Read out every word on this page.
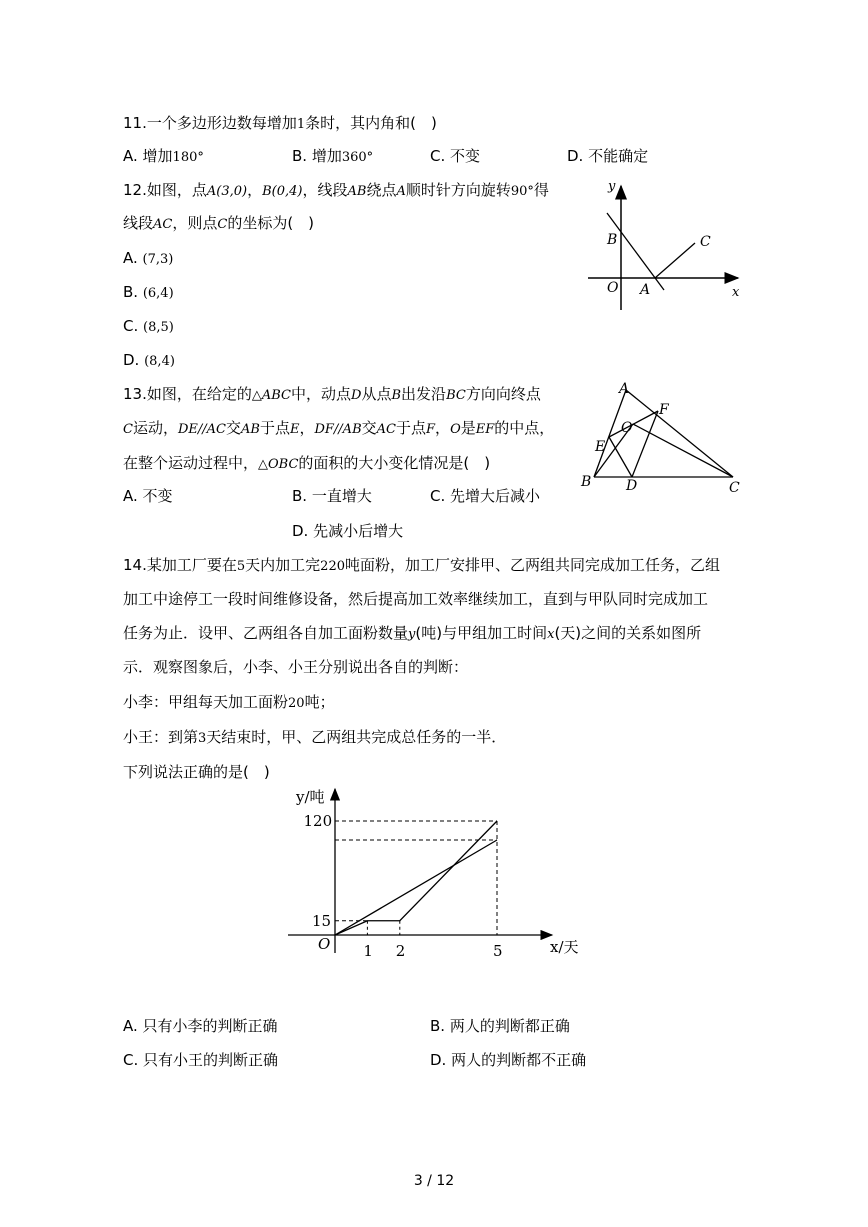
11.一个多边形边数每增加1条时，其内角和(　)
A. 增加180°	B. 增加360°	C. 不变	D. 不能确定
12.如图，点A(3,0)，B(0,4)，线段AB绕点A顺时针方向旋转90°得
线段AC，则点C的坐标为(　)
A. (7,3)
B. (6,4)
C. (8,5)
D. (8,4)
y
x
O A
B	C
13.如图，在给定的△ABC中，动点D从点B出发沿BC方向向终点
C运动，DE//AC交AB于点E，DF//AB交AC于点F，O是EF的中点，
在整个运动过程中，△OBC的面积的大小变化情况是(　)
A. 不变	B. 一直增大	C. 先增大后减小
D. 先减小后增大
A
B	C
D
E
F
O
14.某加工厂要在5天内加工完220吨面粉，加工厂安排甲、乙两组共同完成加工任务，乙组
加工中途停工一段时间维修设备，然后提高加工效率继续加工，直到与甲队同时完成加工
任务为止．设甲、乙两组各自加工面粉数量y(吨)与甲组加工时间x(天)之间的关系如图所
示．观察图象后，小李、小王分别说出各自的判断：
小李：甲组每天加工面粉20吨；
小王：到第3天结束时，甲、乙两组共完成总任务的一半．
下列说法正确的是(　)
1 2	5
15
120
y/吨
x/天
O
A. 只有小李的判断正确	B. 两人的判断都正确
C. 只有小王的判断正确	D. 两人的判断都不正确
3 / 12
